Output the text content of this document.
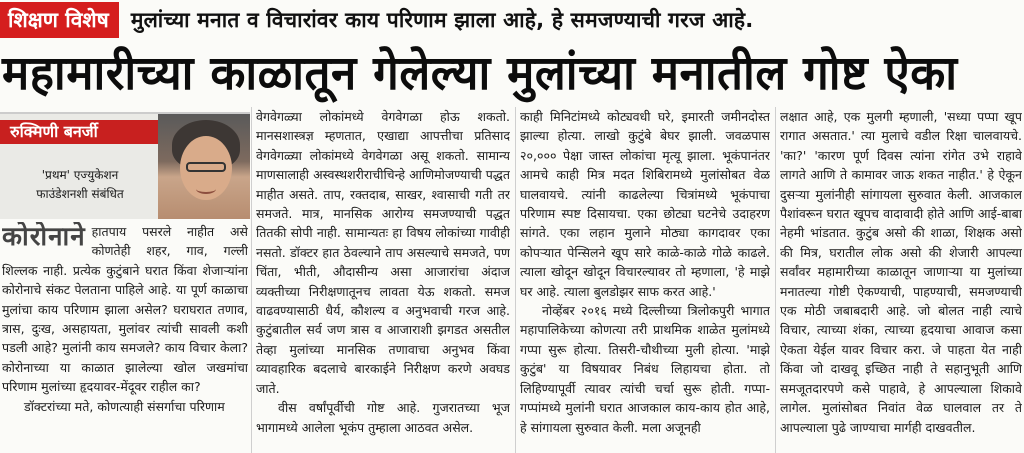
शिक्षण विशेष	मुलांच्या मनात व विचारांवर काय परिणाम झाला आहे, हे समजण्याची गरज आहे.
महामारीच्या काळातून गेलेल्या मुलांच्या मनातील गोष्ट ऐका
रुक्मिणी बनर्जी
'प्रथम' एज्युकेशन
फाउंडेशनशी संबंधित

कोरोनाने हातपाय पसरले नाहीत असे कोणतेही शहर, गाव, गल्ली शिल्लक नाही. प्रत्येक कुटुंबाने घरात किंवा शेजाऱ्यांना कोरोनाचे संकट पेलताना पाहिले आहे. या पूर्ण काळाचा मुलांचा काय परिणाम झाला असेल? घराघरात तणाव, त्रास, दुःख, असहायता, मुलांवर त्यांची सावली कशी पडली आहे? मुलांनी काय समजले? काय विचार केला? कोरोनाच्या या काळात झालेल्या खोल जखमांचा परिणाम मुलांच्या हृदयावर-मेंदूवर राहील का?

डॉक्टरांच्या मते, कोणत्याही संसर्गाचा परिणाम

वेगवेगळ्या लोकांमध्ये वेगवेगळा होऊ शकतो. मानसशास्त्रज्ञ म्हणतात, एखाद्या आपत्तीचा प्रतिसाद वेगवेगळ्या लोकांमध्ये वेगवेगळा असू शकतो. सामान्य माणसालाही अस्वस्थशरीराचीचिन्हे आणिमोजण्याची पद्धत माहीत असते. ताप, रक्तदाब, साखर, श्वासाची गती तर समजते. मात्र, मानसिक आरोग्य समजण्याची पद्धत तितकी सोपी नाही. सामान्यतः हा विषय लोकांच्या गावीही नसतो. डॉक्टर हात ठेवल्याने ताप असल्याचे समजते, पण चिंता, भीती, औदासीन्य असा आजारांचा अंदाज व्यक्तीच्या निरीक्षणातूनच लावता येऊ शकतो. समज वाढवण्यासाठी धैर्य, कौशल्य व अनुभवाची गरज आहे. कुटुंबातील सर्व जण त्रास व आजाराशी झगडत असतील तेव्हा मुलांच्या मानसिक तणावाचा अनुभव किंवा व्यावहारिक बदलाचे बारकाईने निरीक्षण करणे अवघड जाते.

वीस वर्षांपूर्वीची गोष्ट आहे. गुजरातच्या भूज भागामध्ये आलेला भूकंप तुम्हाला आठवत असेल.

काही मिनिटांमध्ये कोट्यवधी घरे, इमारती जमीनदोस्त झाल्या होत्या. लाखो कुटुंबे बेघर झाली. जवळपास २०,००० पेक्षा जास्त लोकांचा मृत्यू झाला. भूकंपानंतर आमचे काही मित्र मदत शिबिरामध्ये मुलांसोबत वेळ घालवायचे. त्यांनी काढलेल्या चित्रांमध्ये भूकंपाचा परिणाम स्पष्ट दिसायचा. एका छोट्या घटनेचे उदाहरण सांगते. एका लहान मुलाने मोठ्या कागदावर एका कोपऱ्यात पेन्सिलने खूप सारे काळे-काळे गोळे काढले. त्याला खोदून खोदून विचारल्यावर तो म्हणाला, 'हे माझे घर आहे. त्याला बुलडोझर साफ करत आहे.'

नोव्हेंबर २०१६ मध्ये दिल्लीच्या त्रिलोकपुरी भागात महापालिकेच्या कोणत्या तरी प्राथमिक शाळेत मुलांमध्ये गप्पा सुरू होत्या. तिसरी-चौथीच्या मुली होत्या. 'माझे कुटुंब' या विषयावर निबंध लिहायचा होता. तो लिहिण्यापूर्वी त्यावर त्यांची चर्चा सुरू होती. गप्पा-गप्पांमध्ये मुलांनी घरात आजकाल काय-काय होत आहे, हे सांगायला सुरुवात केली. मला अजूनही

लक्षात आहे, एक मुलगी म्हणाली, 'सध्या पप्पा खूप रागात असतात.' त्या मुलाचे वडील रिक्षा चालवायचे. 'का?' 'कारण पूर्ण दिवस त्यांना रांगेत उभे राहावे लागते आणि ते कामावर जाऊ शकत नाहीत.' हे ऐकून दुसऱ्या मुलांनीही सांगायला सुरुवात केली. आजकाल पैशांवरून घरात खूपच वादावादी होते आणि आई-बाबा नेहमी भांडतात. कुटुंब असो की शाळा, शिक्षक असो की मित्र, घरातील लोक असो की शेजारी आपल्या सर्वांवर महामारीच्या काळातून जाणाऱ्या या मुलांच्या मनातल्या गोष्टी ऐकण्याची, पाहण्याची, समजण्याची एक मोठी जबाबदारी आहे. जो बोलत नाही त्याचे विचार, त्याच्या शंका, त्याच्या हृदयाचा आवाज कसा ऐकता येईल यावर विचार करा. जे पाहता येत नाही किंवा जो दाखवू इच्छित नाही ते सहानुभूती आणि समजूतदारपणे कसे पाहावे, हे आपल्याला शिकावे लागेल. मुलांसोबत निवांत वेळ घालवाल तर ते आपल्याला पुढे जाण्याचा मार्गही दाखवतील.
